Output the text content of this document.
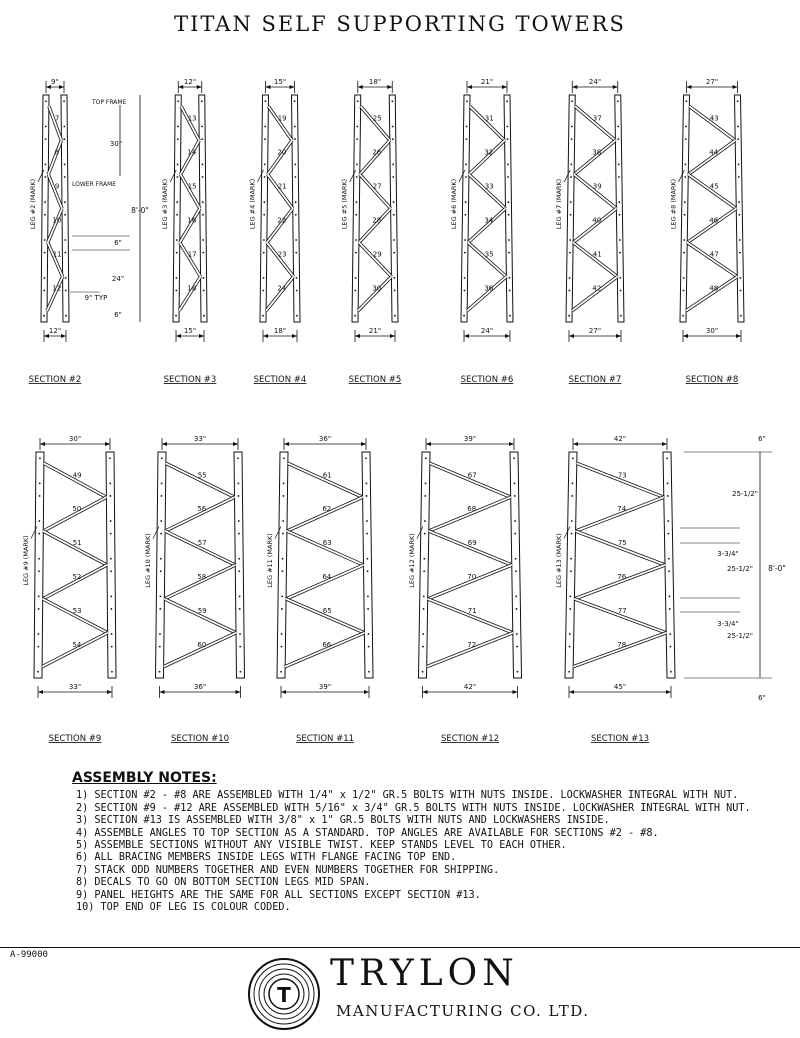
TITAN SELF SUPPORTING TOWERS
7
8
9
10
11
12
LEG #2 (MARK)
9"
12"
SECTION #2
13
14
15
16
17
18
LEG #3 (MARK)
12"
15"
SECTION #3
19
20
21
22
23
24
LEG #4 (MARK)
15"
18"
SECTION #4
25
26
27
28
29
30
LEG #5 (MARK)
18"
21"
SECTION #5
31
32
33
34
35
36
LEG #6 (MARK)
21"
24"
SECTION #6
37
38
39
40
41
42
LEG #7 (MARK)
24"
27"
SECTION #7
43
44
45
46
47
48
LEG #8 (MARK)
27"
30"
SECTION #8
49
50
51
52
53
54
LEG #9 (MARK)
30"
33"
SECTION #9
55
56
57
58
59
60
LEG #10 (MARK)
33"
36"
SECTION #10
61
62
63
64
65
66
LEG #11 (MARK)
36"
39"
SECTION #11
67
68
69
70
71
72
LEG #12 (MARK)
39"
42"
SECTION #12
73
74
75
76
77
78
LEG #13 (MARK)
42"
45"
SECTION #13
TOP FRAME
LOWER FRAME
30"
8'-0"
6"
24"
9" TYP
6"
6"
25-1/2"
3-3/4"
25-1/2" 8'-0"
3-3/4"
25-1/2"
6"
ASSEMBLY NOTES:
1) SECTION #2 - #8 ARE ASSEMBLED WITH 1/4" x 1/2" GR.5 BOLTS WITH NUTS INSIDE. LOCKWASHER INTEGRAL WITH NUT.
2) SECTION #9 - #12 ARE ASSEMBLED WITH 5/16" x 3/4" GR.5 BOLTS WITH NUTS INSIDE. LOCKWASHER INTEGRAL WITH NUT.
3) SECTION #13 IS ASSEMBLED WITH 3/8" x 1" GR.5 BOLTS WITH NUTS AND LOCKWASHERS INSIDE.
4) ASSEMBLE ANGLES TO TOP SECTION AS A STANDARD. TOP ANGLES ARE AVAILABLE FOR SECTIONS #2 - #8.
5) ASSEMBLE SECTIONS WITHOUT ANY VISIBLE TWIST. KEEP STANDS LEVEL TO EACH OTHER.
6) ALL BRACING MEMBERS INSIDE LEGS WITH FLANGE FACING TOP END.
7) STACK ODD NUMBERS TOGETHER AND EVEN NUMBERS TOGETHER FOR SHIPPING.
8) DECALS TO GO ON BOTTOM SECTION LEGS MID SPAN.
9) PANEL HEIGHTS ARE THE SAME FOR ALL SECTIONS EXCEPT SECTION #13.
10) TOP END OF LEG IS COLOUR CODED.
A-99000
T
TRYLON
MANUFACTURING CO. LTD.
